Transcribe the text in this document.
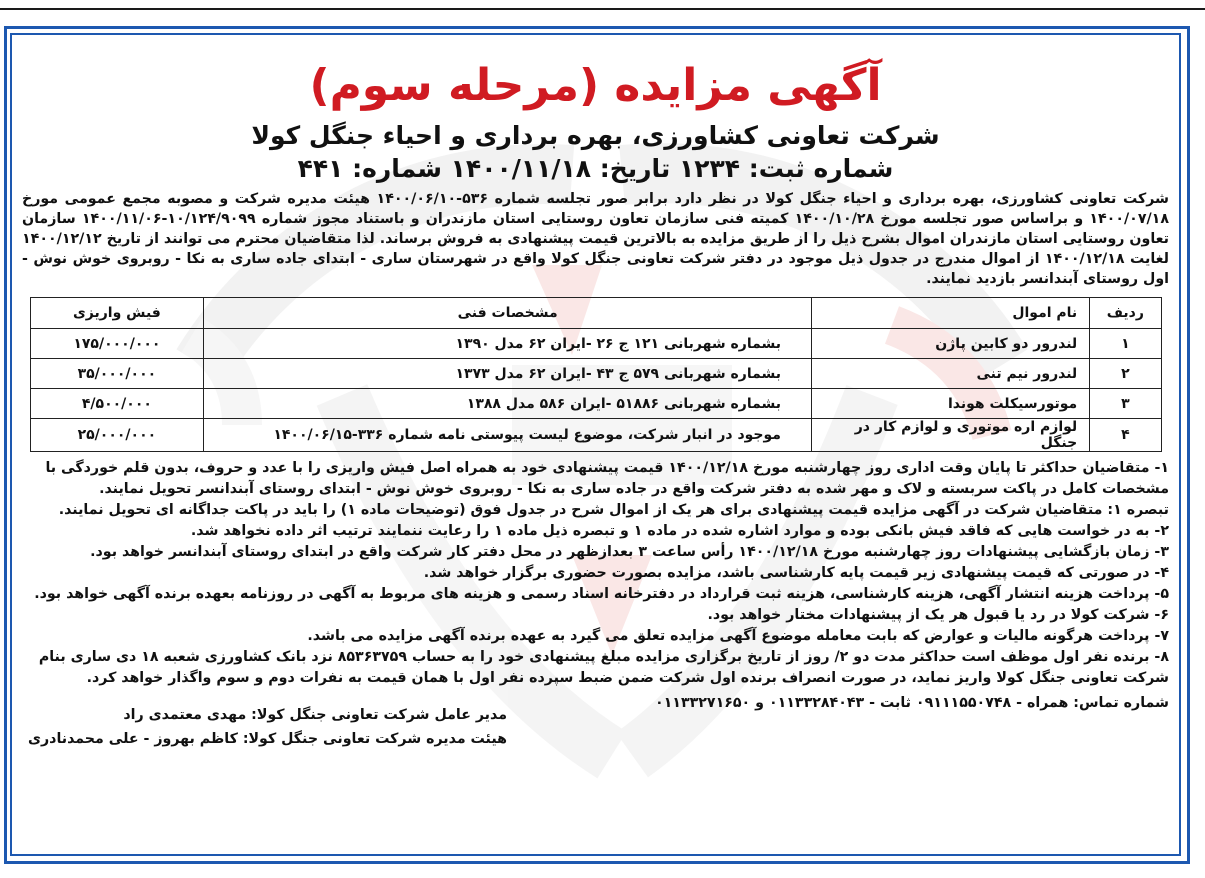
آگهی مزایده (مرحله سوم)
شرکت تعاونی کشاورزی، بهره برداری و احیاء جنگل کولا
شماره ثبت: ۱۲۳۴ تاریخ: ۱۴۰۰/۱۱/۱۸ شماره: ۴۴۱

شرکت تعاونی کشاورزی، بهره برداری و احیاء جنگل کولا در نظر دارد برابر صور تجلسه شماره ۵۳۶-۱۴۰۰/۰۶/۱۰ هیئت مدیره شرکت و مصوبه مجمع عمومی مورخ ۱۴۰۰/۰۷/۱۸ و براساس صور تجلسه مورخ ۱۴۰۰/۱۰/۲۸ کمیته فنی سازمان تعاون روستایی استان مازندران و باستناد مجوز شماره ۱۰/۱۲۴/۹۰۹۹-۱۴۰۰/۱۱/۰۶ سازمان تعاون روستایی استان مازندران اموال بشرح ذیل را از طریق مزایده به بالاترین قیمت پیشنهادی به فروش برساند. لذا متقاضیان محترم می توانند از تاریخ ۱۴۰۰/۱۲/۱۲ لغایت ۱۴۰۰/۱۲/۱۸ از اموال مندرج در جدول ذیل موجود در دفتر شرکت تعاونی جنگل کولا واقع در شهرستان ساری - ابتدای جاده ساری به نکا - روبروی خوش نوش - اول روستای آبندانسر بازدید نمایند.

ردیف	نام اموال	مشخصات فنی	فیش واریزی
۱	لندرور دو کابین پاژن	بشماره شهربانی ۱۲۱ ج ۲۶ -ایران ۶۲ مدل ۱۳۹۰	۱۷۵/۰۰۰/۰۰۰
۲	لندرور نیم تنی	بشماره شهربانی ۵۷۹ ج ۴۳ -ایران ۶۲ مدل ۱۳۷۳	۳۵/۰۰۰/۰۰۰
۳	موتورسیکلت هوندا	بشماره شهربانی ۵۱۸۸۶ -ایران ۵۸۶ مدل ۱۳۸۸	۴/۵۰۰/۰۰۰
۴	لوازم اره موتوری و لوازم کار در جنگل	موجود در انبار شرکت، موضوع لیست پیوستی نامه شماره ۳۳۶-۱۴۰۰/۰۶/۱۵	۲۵/۰۰۰/۰۰۰

۱- متقاضیان حداکثر تا پایان وقت اداری روز چهارشنبه مورخ ۱۴۰۰/۱۲/۱۸ قیمت پیشنهادی خود به همراه اصل فیش واریزی را با عدد و حروف، بدون قلم خوردگی با مشخصات کامل در پاکت سربسته و لاک و مهر شده به دفتر شرکت واقع در جاده ساری به نکا - روبروی خوش نوش - ابتدای روستای آبندانسر تحویل نمایند.

تبصره ۱: متقاضیان شرکت در آگهی مزایده قیمت پیشنهادی برای هر یک از اموال شرح در جدول فوق (توضیحات ماده ۱) را باید در پاکت جداگانه ای تحویل نمایند.

۲- به در خواست هایی که فاقد فیش بانکی بوده و موارد اشاره شده در ماده ۱ و تبصره ذیل ماده ۱ را رعایت ننمایند ترتیب اثر داده نخواهد شد.

۳- زمان بازگشایی پیشنهادات روز چهارشنبه مورخ ۱۴۰۰/۱۲/۱۸ رأس ساعت ۳ بعدازظهر در محل دفتر کار شرکت واقع در ابتدای روستای آبندانسر خواهد بود.

۴- در صورتی که قیمت پیشنهادی زیر قیمت پایه کارشناسی باشد، مزایده بصورت حضوری برگزار خواهد شد.

۵- پرداخت هزینه انتشار آگهی، هزینه کارشناسی، هزینه ثبت قرارداد در دفترخانه اسناد رسمی و هزینه های مربوط به آگهی در روزنامه بعهده برنده آگهی خواهد بود.

۶- شرکت کولا در رد یا قبول هر یک از پیشنهادات مختار خواهد بود.

۷- پرداخت هرگونه مالیات و عوارض که بابت معامله موضوع آگهی مزایده تعلق می گیرد به عهده برنده آگهی مزایده می باشد.

۸- برنده نفر اول موظف است حداکثر مدت دو ۲/ روز از تاریخ برگزاری مزایده مبلغ پیشنهادی خود را به حساب ۸۵۳۶۳۷۵۹ نزد بانک کشاورزی شعبه ۱۸ دی ساری بنام شرکت تعاونی جنگل کولا واریز نماید، در صورت انصراف برنده اول شرکت ضمن ضبط سپرده نفر اول با همان قیمت به نفرات دوم و سوم واگذار خواهد کرد.

شماره تماس: همراه - ۰۹۱۱۱۵۵۰۷۴۸ ثابت - ۰۱۱۳۳۲۸۴۰۴۳ و ۰۱۱۳۳۲۷۱۶۵۰
مدیر عامل شرکت تعاونی جنگل کولا: مهدی معتمدی راد
هیئت مدیره شرکت تعاونی جنگل کولا: کاظم بهروز - علی محمدنادری
